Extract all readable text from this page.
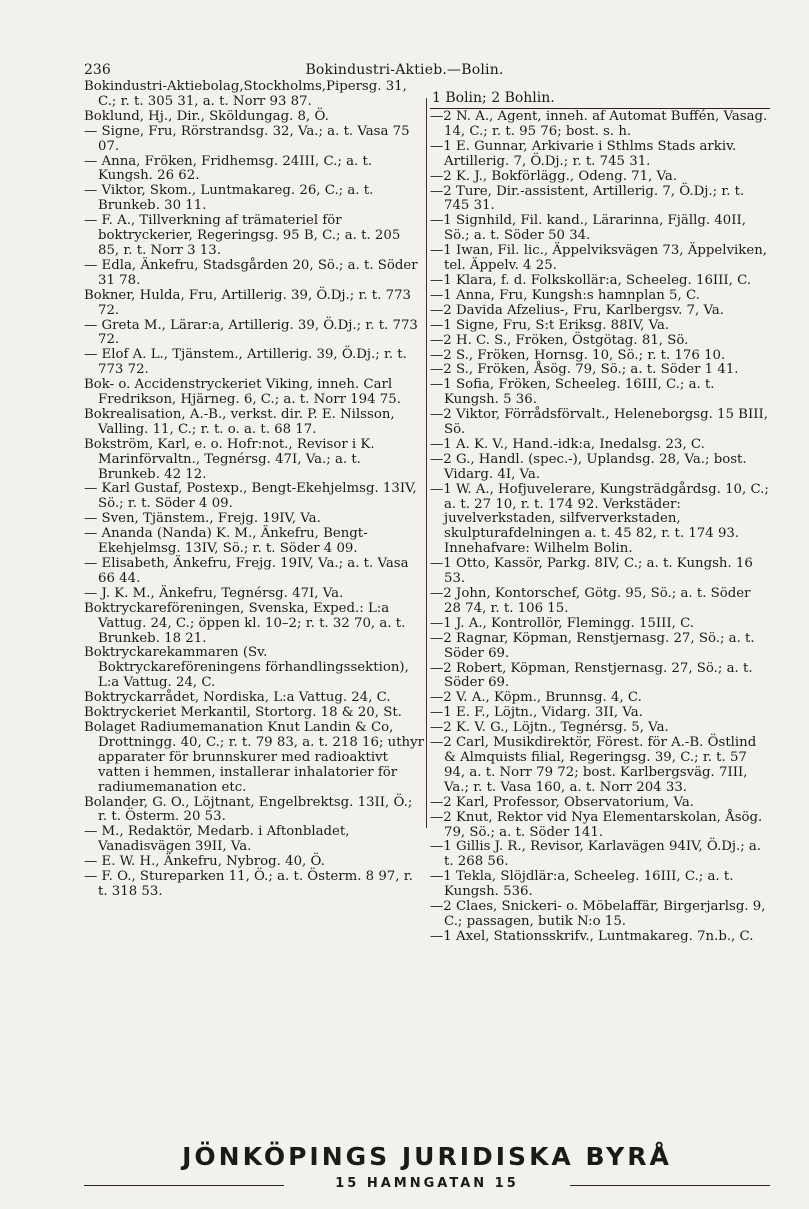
236	Bokindustri-Aktieb.—Bolin.

Bokindustri-Aktiebolag,Stockholms,Pipersg. 31, C.; r. t. 305 31, a. t. Norr 93 87.

Boklund, Hj., Dir., Sköldungag. 8, Ö.

— Signe, Fru, Rörstrandsg. 32, Va.; a. t. Vasa 75 07.

— Anna, Fröken, Fridhemsg. 24III, C.; a. t. Kungsh. 26 62.

— Viktor, Skom., Luntmakareg. 26, C.; a. t. Brunkeb. 30 11.

— F. A., Tillverkning af trämateriel för boktryckerier, Regeringsg. 95 B, C.; a. t. 205 85, r. t. Norr 3 13.

— Edla, Änkefru, Stadsgården 20, Sö.; a. t. Söder 31 78.

Bokner, Hulda, Fru, Artillerig. 39, Ö.Dj.; r. t. 773 72.

— Greta M., Lärar:a, Artillerig. 39, Ö.Dj.; r. t. 773 72.

— Elof A. L., Tjänstem., Artillerig. 39, Ö.Dj.; r. t. 773 72.

Bok- o. Accidenstryckeriet Viking, inneh. Carl Fredrikson, Hjärneg. 6, C.; a. t. Norr 194 75.

Bokrealisation, A.-B., verkst. dir. P. E. Nilsson, Valling. 11, C.; r. t. o. a. t. 68 17.

Bokström, Karl, e. o. Hofr:not., Revisor i K. Marinförvaltn., Tegnérsg. 47I, Va.; a. t. Brunkeb. 42 12.

— Karl Gustaf, Postexp., Bengt-Ekehjelmsg. 13IV, Sö.; r. t. Söder 4 09.

— Sven, Tjänstem., Frejg. 19IV, Va.

— Ananda (Nanda) K. M., Änkefru, Bengt-Ekehjelmsg. 13IV, Sö.; r. t. Söder 4 09.

— Elisabeth, Änkefru, Frejg. 19IV, Va.; a. t. Vasa 66 44.

— J. K. M., Änkefru, Tegnérsg. 47I, Va.

Boktryckareföreningen, Svenska, Exped.: L:a Vattug. 24, C.; öppen kl. 10–2; r. t. 32 70, a. t. Brunkeb. 18 21.

Boktryckarekammaren (Sv. Boktryckareföreningens förhandlingssektion), L:a Vattug. 24, C.

Boktryckarrådet, Nordiska, L:a Vattug. 24, C.

Boktryckeriet Merkantil, Stortorg. 18 & 20, St.

Bolaget Radiumemanation Knut Landin & Co, Drottningg. 40, C.; r. t. 79 83, a. t. 218 16; uthyr apparater för brunnskurer med radioaktivt vatten i hemmen, installerar inhalatorier för radiumemanation etc.

Bolander, G. O., Löjtnant, Engelbrektsg. 13II, Ö.; r. t. Österm. 20 53.

— M., Redaktör, Medarb. i Aftonbladet, Vanadisvägen 39II, Va.

— E. W. H., Änkefru, Nybrog. 40, Ö.

— F. O., Stureparken 11, Ö.; a. t. Österm. 8 97, r. t. 318 53.

1 Bolin; 2 Bohlin.

—2 N. A., Agent, inneh. af Automat Buffén, Vasag. 14, C.; r. t. 95 76; bost. s. h.

—1 E. Gunnar, Arkivarie i Sthlms Stads arkiv. Artillerig. 7, Ö.Dj.; r. t. 745 31.

—2 K. J., Bokförlägg., Odeng. 71, Va.

—2 Ture, Dir.-assistent, Artillerig. 7, Ö.Dj.; r. t. 745 31.

—1 Signhild, Fil. kand., Lärarinna, Fjällg. 40II, Sö.; a. t. Söder 50 34.

—1 Iwan, Fil. lic., Äppelviksvägen 73, Äppelviken, tel. Äppelv. 4 25.

—1 Klara, f. d. Folkskollär:a, Scheeleg. 16III, C.

—1 Anna, Fru, Kungsh:s hamnplan 5, C.

—2 Davida Afzelius-, Fru, Karlbergsv. 7, Va.

—1 Signe, Fru, S:t Eriksg. 88IV, Va.

—2 H. C. S., Fröken, Östgötag. 81, Sö.

—2 S., Fröken, Hornsg. 10, Sö.; r. t. 176 10.

—2 S., Fröken, Åsög. 79, Sö.; a. t. Söder 1 41.

—1 Sofia, Fröken, Scheeleg. 16III, C.; a. t. Kungsh. 5 36.

—2 Viktor, Förrådsförvalt., Heleneborgsg. 15 BIII, Sö.

—1 A. K. V., Hand.-idk:a, Inedalsg. 23, C.

—2 G., Handl. (spec.-), Uplandsg. 28, Va.; bost. Vidarg. 4I, Va.

—1 W. A., Hofjuvelerare, Kungsträdgårdsg. 10, C.; a. t. 27 10, r. t. 174 92. Verkstäder: juvelverkstaden, silfververkstaden, skulpturafdelningen a. t. 45 82, r. t. 174 93. Innehafvare: Wilhelm Bolin.

—1 Otto, Kassör, Parkg. 8IV, C.; a. t. Kungsh. 16 53.

—2 John, Kontorschef, Götg. 95, Sö.; a. t. Söder 28 74, r. t. 106 15.

—1 J. A., Kontrollör, Flemingg. 15III, C.

—2 Ragnar, Köpman, Renstjernasg. 27, Sö.; a. t. Söder 69.

—2 Robert, Köpman, Renstjernasg. 27, Sö.; a. t. Söder 69.

—2 V. A., Köpm., Brunnsg. 4, C.

—1 E. F., Löjtn., Vidarg. 3II, Va.

—2 K. V. G., Löjtn., Tegnérsg. 5, Va.

—2 Carl, Musikdirektör, Förest. för A.-B. Östlind & Almquists filial, Regeringsg. 39, C.; r. t. 57 94, a. t. Norr 79 72; bost. Karlbergsväg. 7III, Va.; r. t. Vasa 160, a. t. Norr 204 33.

—2 Karl, Professor, Observatorium, Va.

—2 Knut, Rektor vid Nya Elementarskolan, Åsög. 79, Sö.; a. t. Söder 141.

—1 Gillis J. R., Revisor, Karlavägen 94IV, Ö.Dj.; a. t. 268 56.

—1 Tekla, Slöjdlär:a, Scheeleg. 16III, C.; a. t. Kungsh. 536.

—2 Claes, Snickeri- o. Möbelaffär, Birgerjarlsg. 9, C.; passagen, butik N:o 15.

—1 Axel, Stationsskrifv., Luntmakareg. 7n.b., C.

JÖNKÖPINGS JURIDISKA BYRÅ
15 HAMNGATAN 15
